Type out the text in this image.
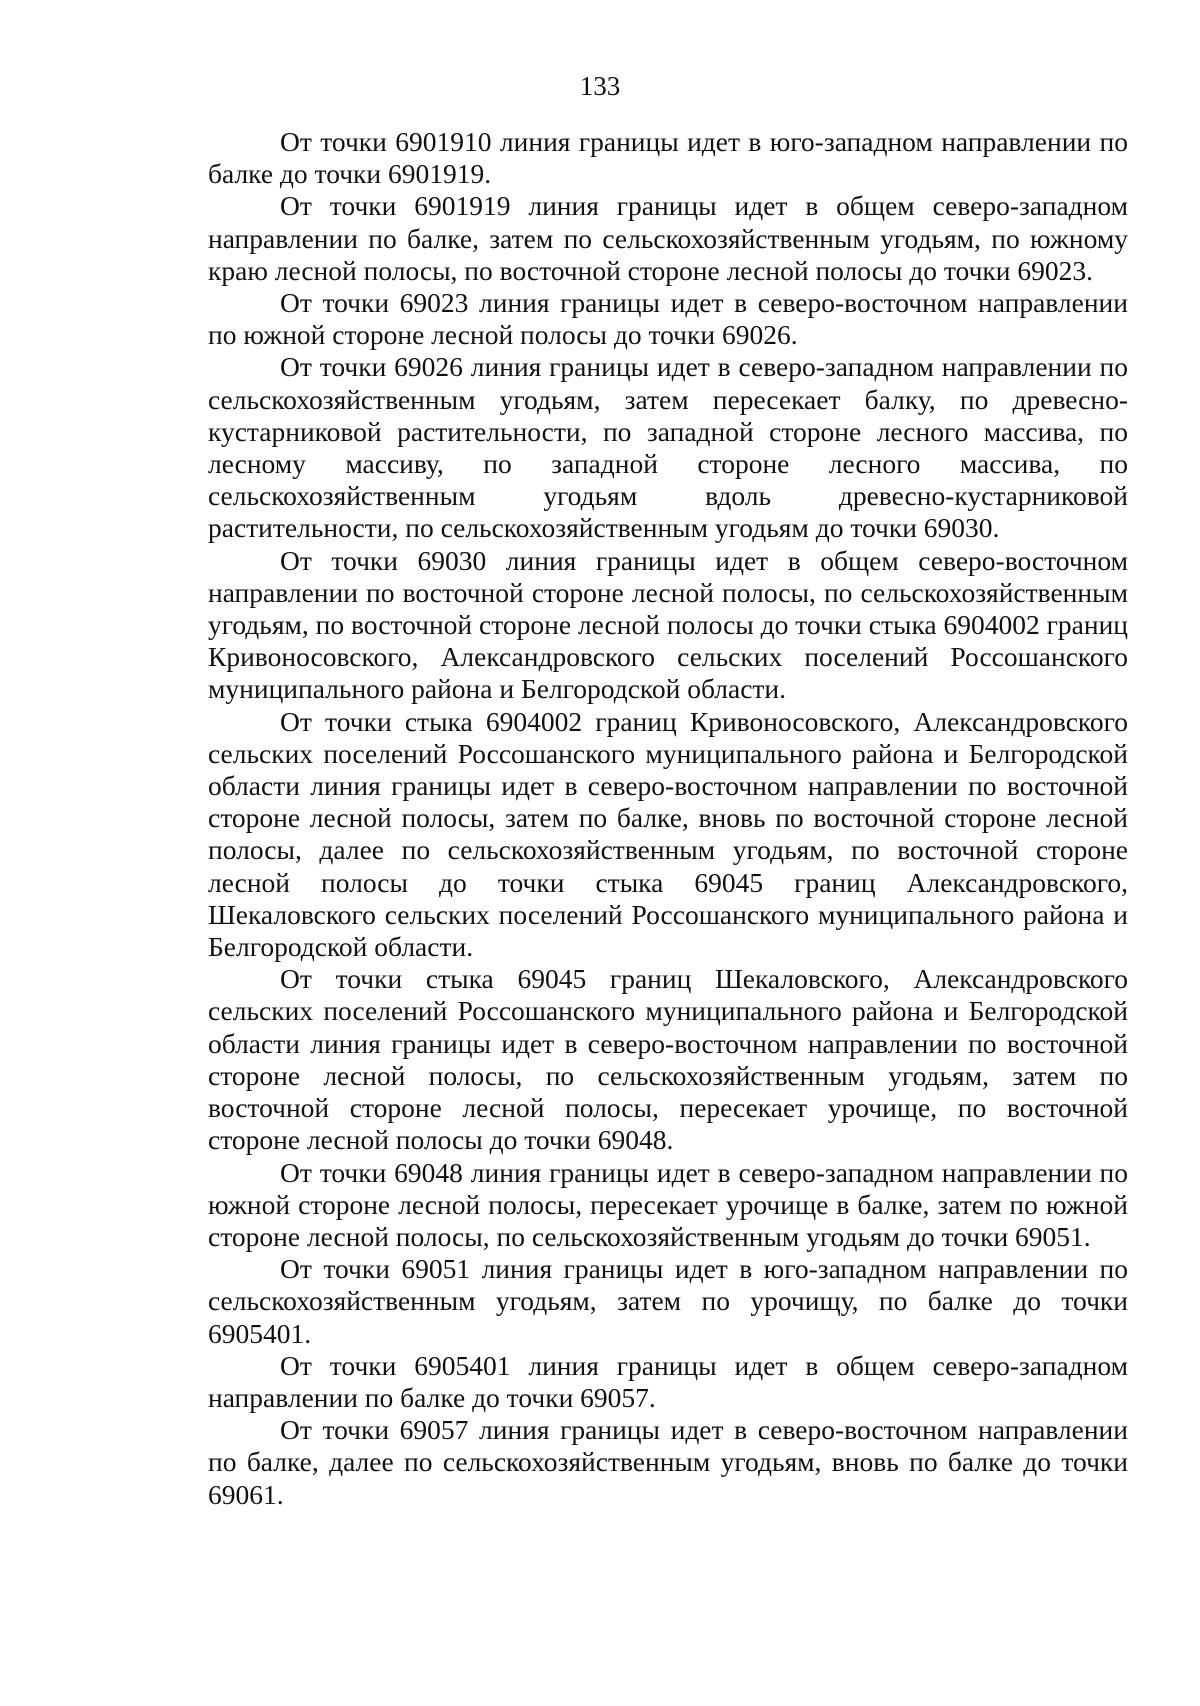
133

От точки 6901910 линия границы идет в юго-западном направлении по балке до точки 6901919.

От точки 6901919 линия границы идет в общем северо-западном направлении по балке, затем по сельскохозяйственным угодьям, по южному краю лесной полосы, по восточной стороне лесной полосы до точки 69023.

От точки 69023 линия границы идет в северо-восточном направлении по южной стороне лесной полосы до точки 69026.

От точки 69026 линия границы идет в северо-западном направлении по сельскохозяйственным угодьям, затем пересекает балку, по древесно-кустарниковой растительности, по западной стороне лесного массива, по лесному массиву, по западной стороне лесного массива, по сельскохозяйственным угодьям вдоль древесно-кустарниковой растительности, по сельскохозяйственным угодьям до точки 69030.

От точки 69030 линия границы идет в общем северо-восточном направлении по восточной стороне лесной полосы, по сельскохозяйственным угодьям, по восточной стороне лесной полосы до точки стыка 6904002 границ Кривоносовского, Александровского сельских поселений Россошанского муниципального района и Белгородской области.

От точки стыка 6904002 границ Кривоносовского, Александровского сельских поселений Россошанского муниципального района и Белгородской области линия границы идет в северо-восточном направлении по восточной стороне лесной полосы, затем по балке, вновь по восточной стороне лесной полосы, далее по сельскохозяйственным угодьям, по восточной стороне лесной полосы до точки стыка 69045 границ Александровского, Шекаловского сельских поселений Россошанского муниципального района и Белгородской области.

От точки стыка 69045 границ Шекаловского, Александровского сельских поселений Россошанского муниципального района и Белгородской области линия границы идет в северо-восточном направлении по восточной стороне лесной полосы, по сельскохозяйственным угодьям, затем по восточной стороне лесной полосы, пересекает урочище, по восточной стороне лесной полосы до точки 69048.

От точки 69048 линия границы идет в северо-западном направлении по южной стороне лесной полосы, пересекает урочище в балке, затем по южной стороне лесной полосы, по сельскохозяйственным угодьям до точки 69051.

От точки 69051 линия границы идет в юго-западном направлении по сельскохозяйственным угодьям, затем по урочищу, по балке до точки 6905401.

От точки 6905401 линия границы идет в общем северо-западном направлении по балке до точки 69057.

От точки 69057 линия границы идет в северо-восточном направлении по балке, далее по сельскохозяйственным угодьям, вновь по балке до точки 69061.
